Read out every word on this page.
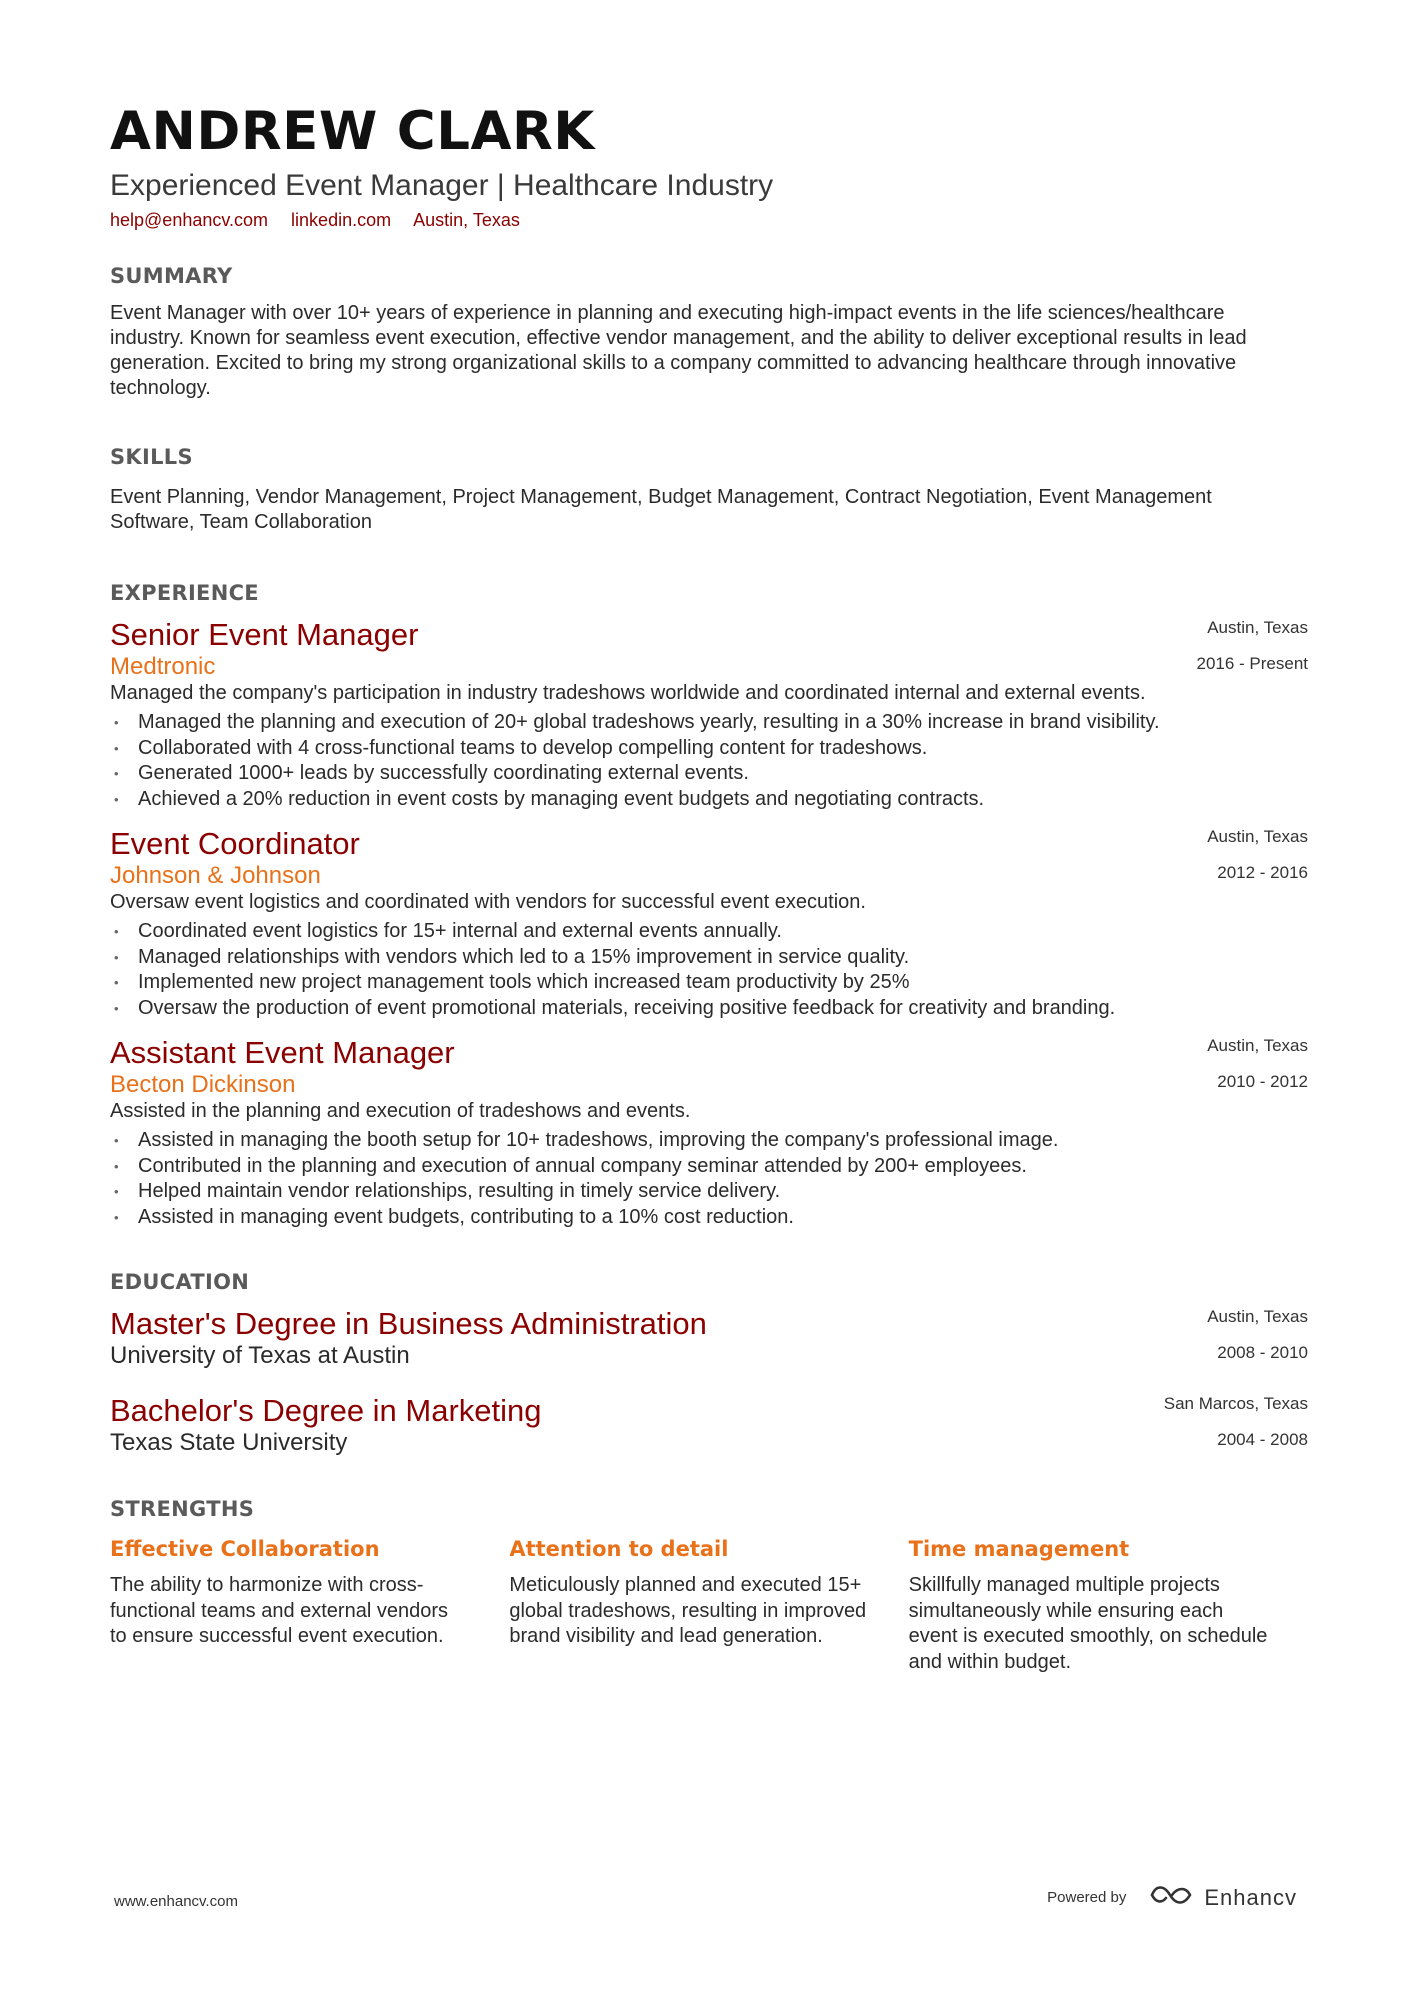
ANDREW CLARK
Experienced Event Manager | Healthcare Industry
help@enhancv.com linkedin.com Austin, Texas
SUMMARY
Event Manager with over 10+ years of experience in planning and executing high-impact events in the life sciences/healthcare industry. Known for seamless event execution, effective vendor management, and the ability to deliver exceptional results in lead generation. Excited to bring my strong organizational skills to a company committed to advancing healthcare through innovative technology.
SKILLS
Event Planning, Vendor Management, Project Management, Budget Management, Contract Negotiation, Event Management Software, Team Collaboration
EXPERIENCE
Austin, Texas
2016 - Present
Senior Event Manager
Medtronic
Managed the company's participation in industry tradeshows worldwide and coordinated internal and external events.
• Managed the planning and execution of 20+ global tradeshows yearly, resulting in a 30% increase in brand visibility.
• Collaborated with 4 cross-functional teams to develop compelling content for tradeshows.
• Generated 1000+ leads by successfully coordinating external events.
• Achieved a 20% reduction in event costs by managing event budgets and negotiating contracts.
Austin, Texas
2012 - 2016
Event Coordinator
Johnson & Johnson
Oversaw event logistics and coordinated with vendors for successful event execution.
• Coordinated event logistics for 15+ internal and external events annually.
• Managed relationships with vendors which led to a 15% improvement in service quality.
• Implemented new project management tools which increased team productivity by 25%
• Oversaw the production of event promotional materials, receiving positive feedback for creativity and branding.
Austin, Texas
2010 - 2012
Assistant Event Manager
Becton Dickinson
Assisted in the planning and execution of tradeshows and events.
• Assisted in managing the booth setup for 10+ tradeshows, improving the company's professional image.
• Contributed in the planning and execution of annual company seminar attended by 200+ employees.
• Helped maintain vendor relationships, resulting in timely service delivery.
• Assisted in managing event budgets, contributing to a 10% cost reduction.
EDUCATION
Austin, Texas
2008 - 2010
Master's Degree in Business Administration
University of Texas at Austin
San Marcos, Texas
2004 - 2008
Bachelor's Degree in Marketing
Texas State University
STRENGTHS
Effective Collaboration
The ability to harmonize with cross-functional teams and external vendors to ensure successful event execution.
Attention to detail
Meticulously planned and executed 15+ global tradeshows, resulting in improved brand visibility and lead generation.
Time management
Skillfully managed multiple projects simultaneously while ensuring each event is executed smoothly, on schedule and within budget.
www.enhancv.com	Powered by	Enhancv
